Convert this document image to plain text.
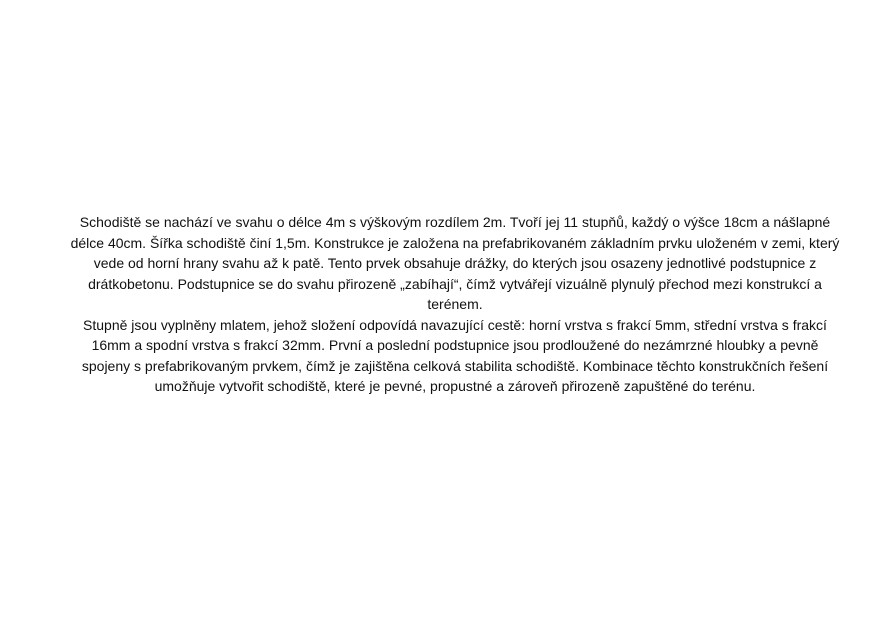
Schodiště se nachází ve svahu o délce 4m s výškovým rozdílem 2m. Tvoří jej 11 stupňů, každý o výšce 18cm a nášlapné délce 40cm. Šířka schodiště činí 1,5m. Konstrukce je založena na prefabrikovaném základním prvku uloženém v zemi, který vede od horní hrany svahu až k patě. Tento prvek obsahuje drážky, do kterých jsou osazeny jednotlivé podstupnice z drátkobetonu. Podstupnice se do svahu přirozeně „zabíhají“, čímž vytvářejí vizuálně plynulý přechod mezi konstrukcí a terénem.

Stupně jsou vyplněny mlatem, jehož složení odpovídá navazující cestě: horní vrstva s frakcí 5mm, střední vrstva s frakcí 16mm a spodní vrstva s frakcí 32mm. První a poslední podstupnice jsou prodloužené do nezámrzné hloubky a pevně spojeny s prefabrikovaným prvkem, čímž je zajištěna celková stabilita schodiště. Kombinace těchto konstrukčních řešení umožňuje vytvořit schodiště, které je pevné, propustné a zároveň přirozeně zapuštěné do terénu.
